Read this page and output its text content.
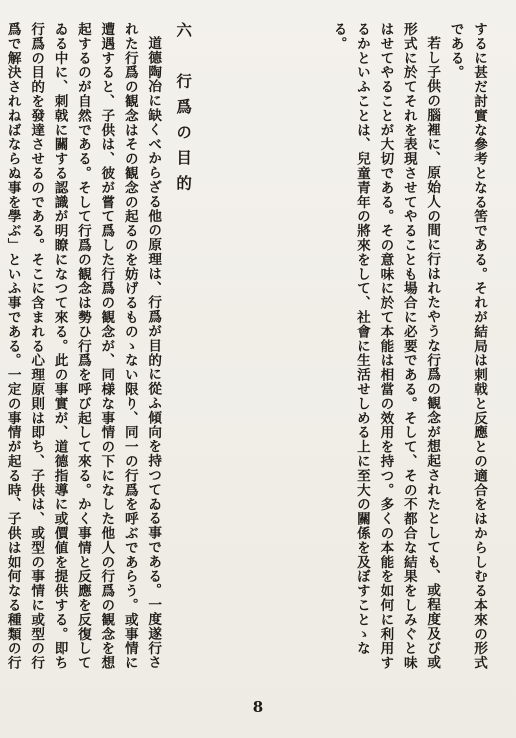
するに甚だ討實な參考となる筈である。それが結局は刺戟と反應との適合をはからしむる本來の形式である。

若し子供の腦裡に、原始人の間に行はれたやうな行爲の観念が想起されたとしても、或程度及び或形式に於てそれを表現させてやることも場合に必要である。そして、その不都合な結果をしみぐと味はせてやることが大切である。その意味に於て本能は相當の效用を持つ。多くの本能を如何に利用するかといふことは、兒童青年の將來をして、社會に生活せしめる上に至大の關係を及ぼすことゝなる。

六　行爲の目的

道德陶冶に缺くべからざる他の原理は、行爲が目的に從ふ傾向を持つてゐる事である。一度遂行された行爲の観念はその観念の起るのを妨げるものゝない限り、同一の行爲を呼ぶであらう。或事情に遭遇すると、子供は、彼が嘗て爲した行爲の観念が、同様な事情の下になした他人の行爲の観念を想起するのが自然である。そして行爲の観念は勢ひ行爲を呼び起して來る。かく事情と反應を反復してゐる中に、刺戟に關する認識が明瞭になつて來る。此の事實が、道德指導に或價値を提供する。即ち行爲の目的を發達させるのである。そこに含まれる心理原則は即ち、子供は、或型の事情に或型の行爲で解決されねばならぬ事を學ぶ」といふ事である。一定の事情が起る時、子供は如何なる種類の行

8
